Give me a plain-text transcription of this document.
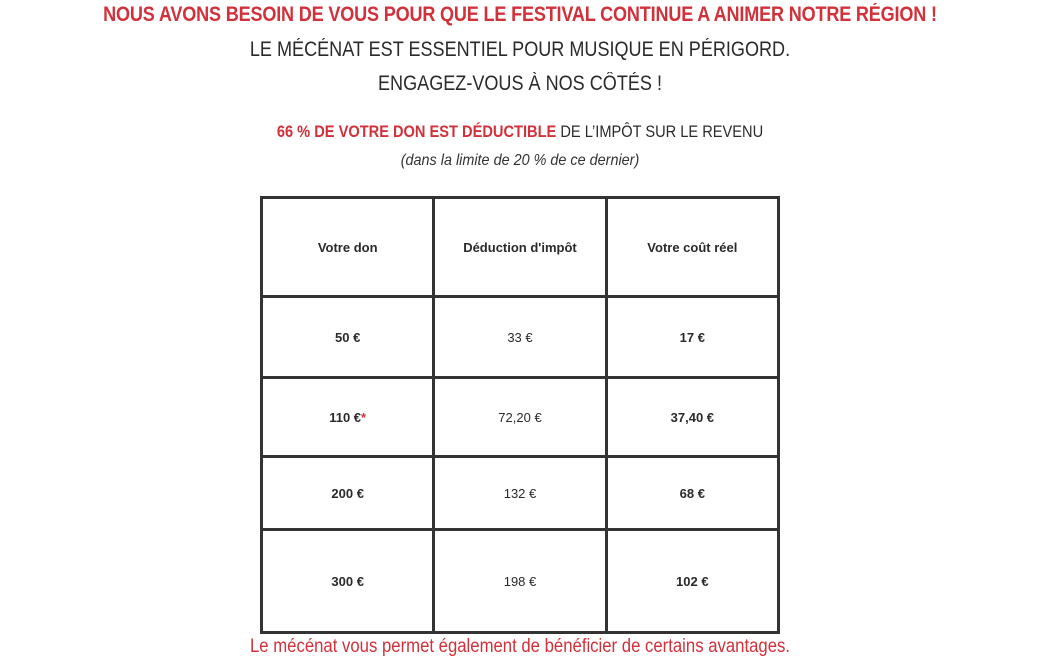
NOUS AVONS BESOIN DE VOUS POUR QUE LE FESTIVAL CONTINUE A ANIMER NOTRE RÉGION !
LE MÉCÉNAT EST ESSENTIEL POUR MUSIQUE EN PÉRIGORD.
ENGAGEZ-VOUS À NOS CÔTÉS !
66 % DE VOTRE DON EST DÉDUCTIBLE DE L’IMPÔT SUR LE REVENU
(dans la limite de 20 % de ce dernier)
Votre don	Déduction d'impôt	Votre coût réel
50 €	33 €	17 €
110 €*	72,20 €	37,40 €
200 €	132 €	68 €
300 €	198 €	102 €
Le mécénat vous permet également de bénéficier de certains avantages.
